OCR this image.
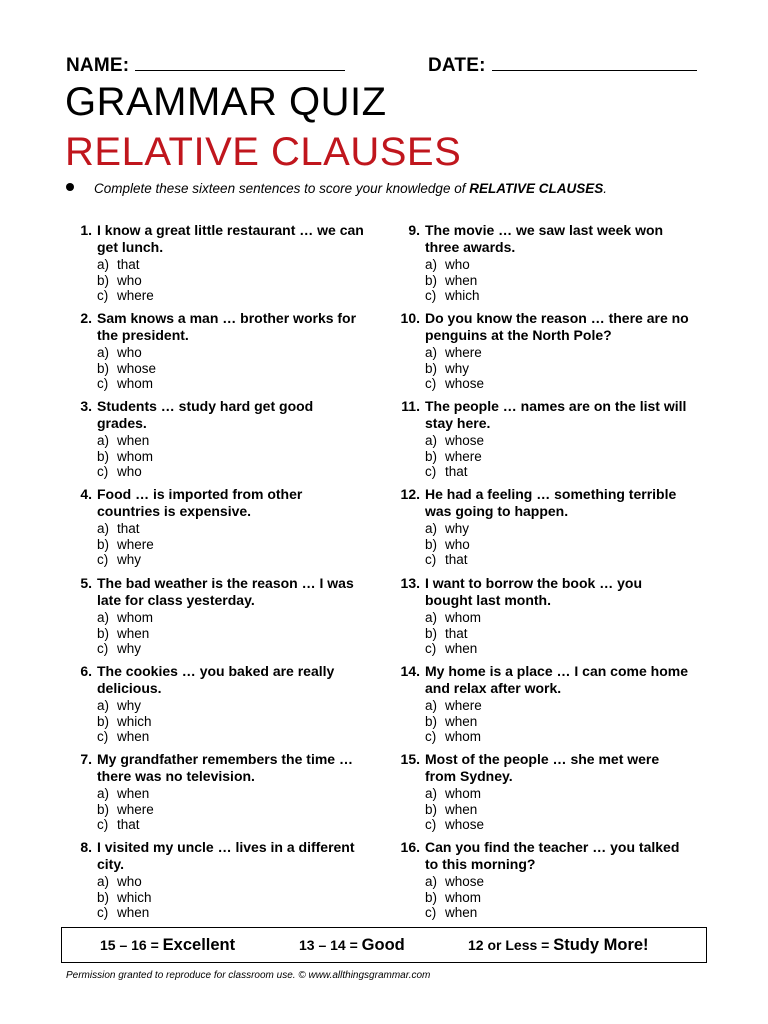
NAME:	DATE:
GRAMMAR QUIZ
RELATIVE CLAUSES
Complete these sixteen sentences to score your knowledge of RELATIVE CLAUSES.
1. I know a great little restaurant … we can get lunch.
a) that
b) who
c) where
2. Sam knows a man … brother works for the president.
a) who
b) whose
c) whom
3. Students … study hard get good grades.
a) when
b) whom
c) who
4. Food … is imported from other countries is expensive.
a) that
b) where
c) why
5. The bad weather is the reason … I was late for class yesterday.
a) whom
b) when
c) why
6. The cookies … you baked are really delicious.
a) why
b) which
c) when
7. My grandfather remembers the time … there was no television.
a) when
b) where
c) that
8. I visited my uncle … lives in a different city.
a) who
b) which
c) when
9. The movie … we saw last week won three awards.
a) who
b) when
c) which
10. Do you know the reason … there are no penguins at the North Pole?
a) where
b) why
c) whose
11. The people … names are on the list will stay here.
a) whose
b) where
c) that
12. He had a feeling … something terrible was going to happen.
a) why
b) who
c) that
13. I want to borrow the book … you bought last month.
a) whom
b) that
c) when
14. My home is a place … I can come home and relax after work.
a) where
b) when
c) whom
15. Most of the people … she met were from Sydney.
a) whom
b) when
c) whose
16. Can you find the teacher … you talked to this morning?
a) whose
b) whom
c) when
15 – 16 = Excellent	13 – 14 = Good	12 or Less = Study More!
Permission granted to reproduce for classroom use. © www.allthingsgrammar.com
